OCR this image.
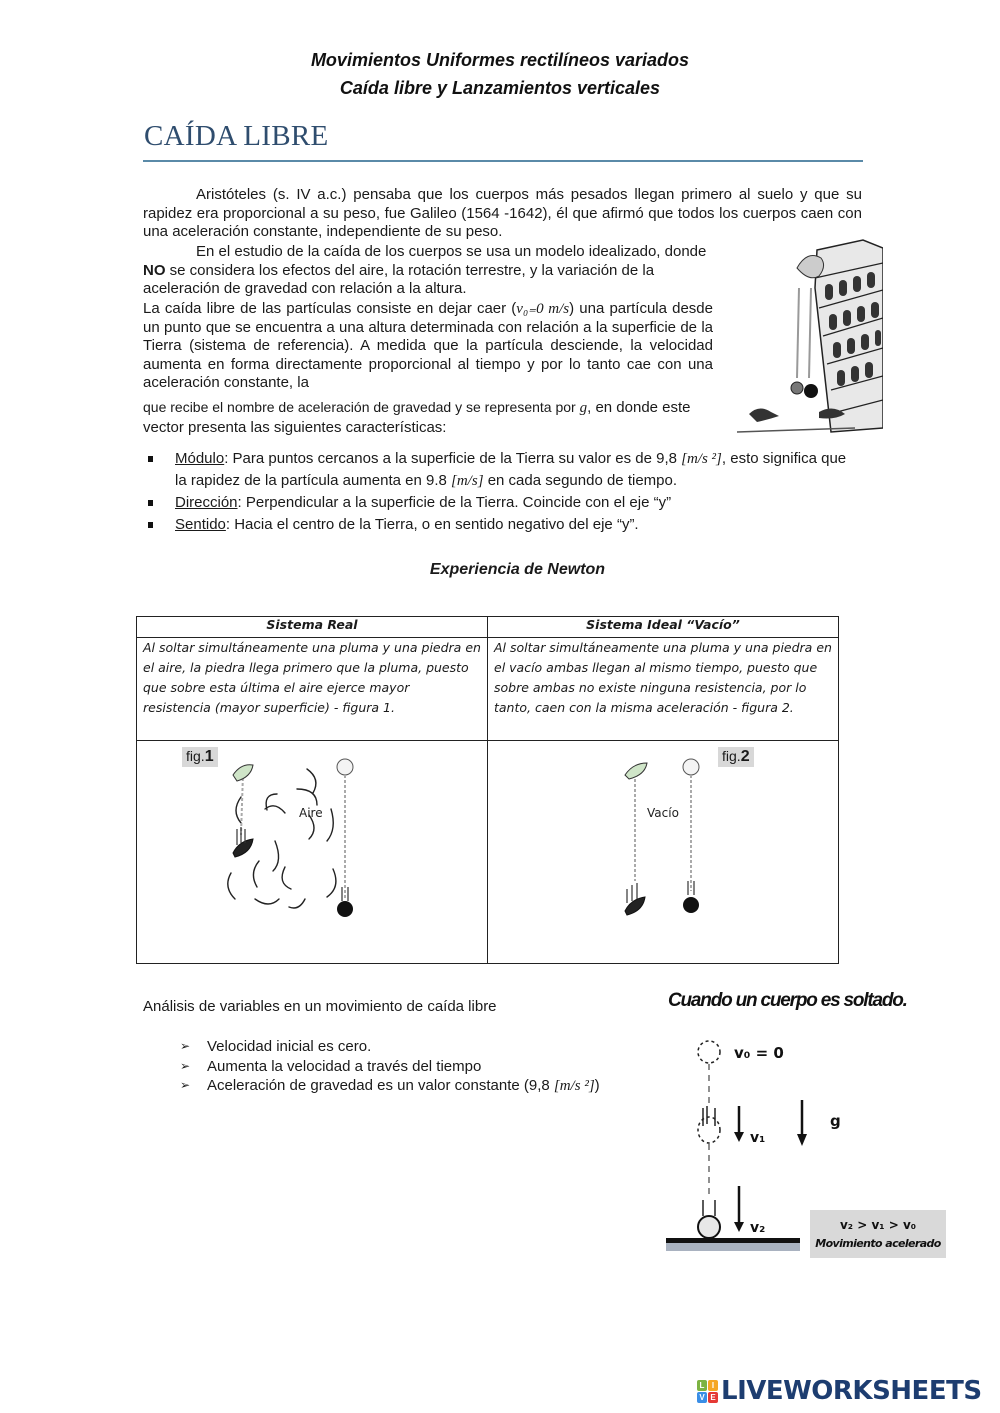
Movimientos Uniformes rectilíneos variados
Caída libre y Lanzamientos verticales
CAÍDA LIBRE
Aristóteles (s. IV a.c.) pensaba que los cuerpos más pesados llegan primero al suelo y que su rapidez era proporcional a su peso, fue Galileo (1564 -1642), él que afirmó que todos los cuerpos caen con una aceleración constante, independiente de su peso.
En el estudio de la caída de los cuerpos se usa un modelo idealizado, donde NO se considera los efectos del aire, la rotación terrestre, y la variación de la aceleración de gravedad con relación a la altura.
La caída libre de las partículas consiste en dejar caer (v₀₌0 m/s) una partícula desde un punto que se encuentra a una altura determinada con relación a la superficie de la Tierra (sistema de referencia). A medida que la partícula desciende, la velocidad aumenta en forma directamente proporcional al tiempo y por lo tanto cae con una aceleración constante, la
que recibe el nombre de aceleración de gravedad y se representa por g, en donde este vector presenta las siguientes características:
Módulo: Para puntos cercanos a la superficie de la Tierra su valor es de 9,8 [m/s ²], esto significa que la rapidez de la partícula aumenta en 9.8 [m/s] en cada segundo de tiempo.
Dirección: Perpendicular a la superficie de la Tierra. Coincide con el eje “y”
Sentido: Hacia el centro de la Tierra, o en sentido negativo del eje “y”.
Experiencia de Newton
Sistema Real	Sistema Ideal “Vacío”
Al soltar simultáneamente una pluma y una piedra en el aire, la piedra llega primero que la pluma, puesto que sobre esta última el aire ejerce mayor resistencia (mayor superficie) - figura 1.	Al soltar simultáneamente una pluma y una piedra en el vacío ambas llegan al mismo tiempo, puesto que sobre ambas no existe ninguna resistencia, por lo tanto, caen con la misma aceleración - figura 2.

fig.1
Aire	fig.2
Vacío
Análisis de variables en un movimiento de caída libre
➢ Velocidad inicial es cero.
➢ Aumenta la velocidad a través del tiempo
➢ Aceleración de gravedad es un valor constante (9,8 [m/s ²])
Cuando un cuerpo es soltado.
v₀ = 0
v₁
g
v₂	v₂ > v₁ > v₀
Movimiento acelerado
L I
V E LIVEWORKSHEETS
